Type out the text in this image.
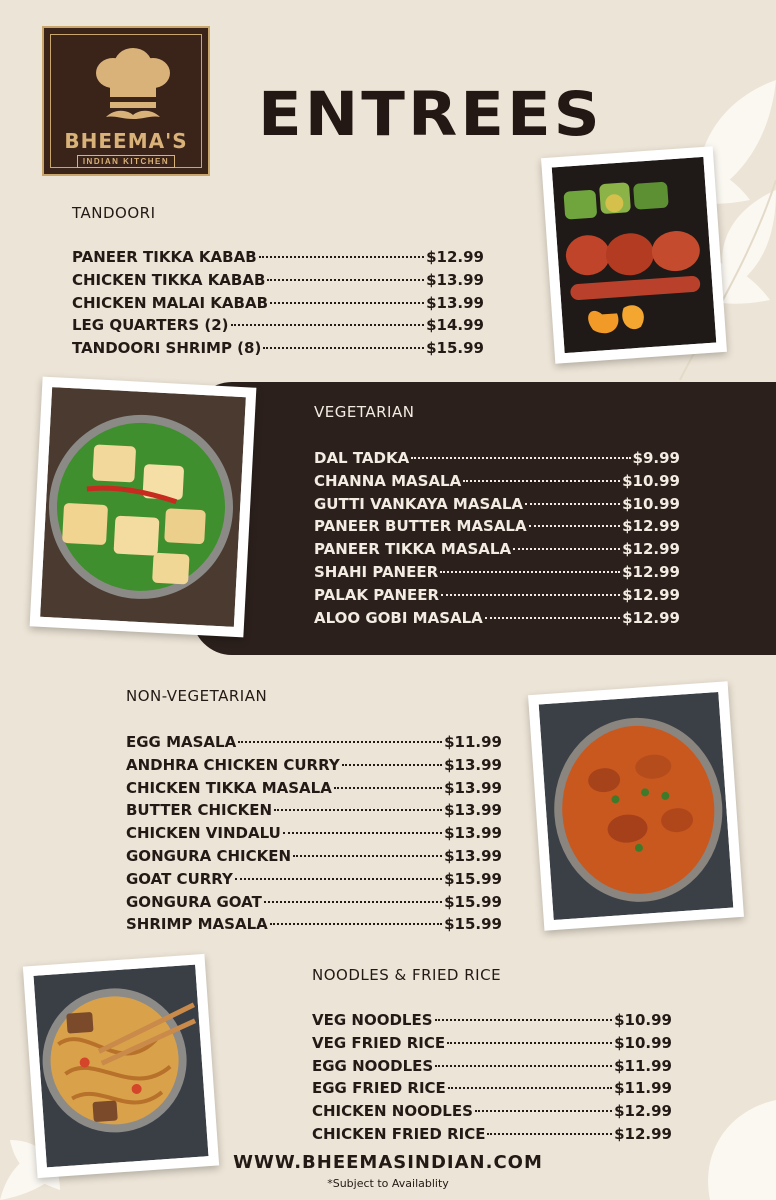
BHEEMA'S
INDIAN KITCHEN
ENTREES
TANDOORI
PANEER TIKKA KABAB	$12.99
CHICKEN TIKKA KABAB	$13.99
CHICKEN MALAI KABAB	$13.99
LEG QUARTERS (2)	$14.99
TANDOORI SHRIMP (8)	$15.99
VEGETARIAN
DAL TADKA	$9.99
CHANNA MASALA	$10.99
GUTTI VANKAYA MASALA	$10.99
PANEER BUTTER MASALA	$12.99
PANEER TIKKA MASALA	$12.99
SHAHI PANEER	$12.99
PALAK PANEER	$12.99
ALOO GOBI MASALA	$12.99
NON-VEGETARIAN
EGG MASALA	$11.99
ANDHRA CHICKEN CURRY	$13.99
CHICKEN TIKKA MASALA	$13.99
BUTTER CHICKEN	$13.99
CHICKEN VINDALU	$13.99
GONGURA CHICKEN	$13.99
GOAT CURRY	$15.99
GONGURA GOAT	$15.99
SHRIMP MASALA	$15.99
NOODLES & FRIED RICE
VEG NOODLES	$10.99
VEG FRIED RICE	$10.99
EGG NOODLES	$11.99
EGG FRIED RICE	$11.99
CHICKEN NOODLES	$12.99
CHICKEN FRIED RICE	$12.99
WWW.BHEEMASINDIAN.COM
*Subject to Availablity
